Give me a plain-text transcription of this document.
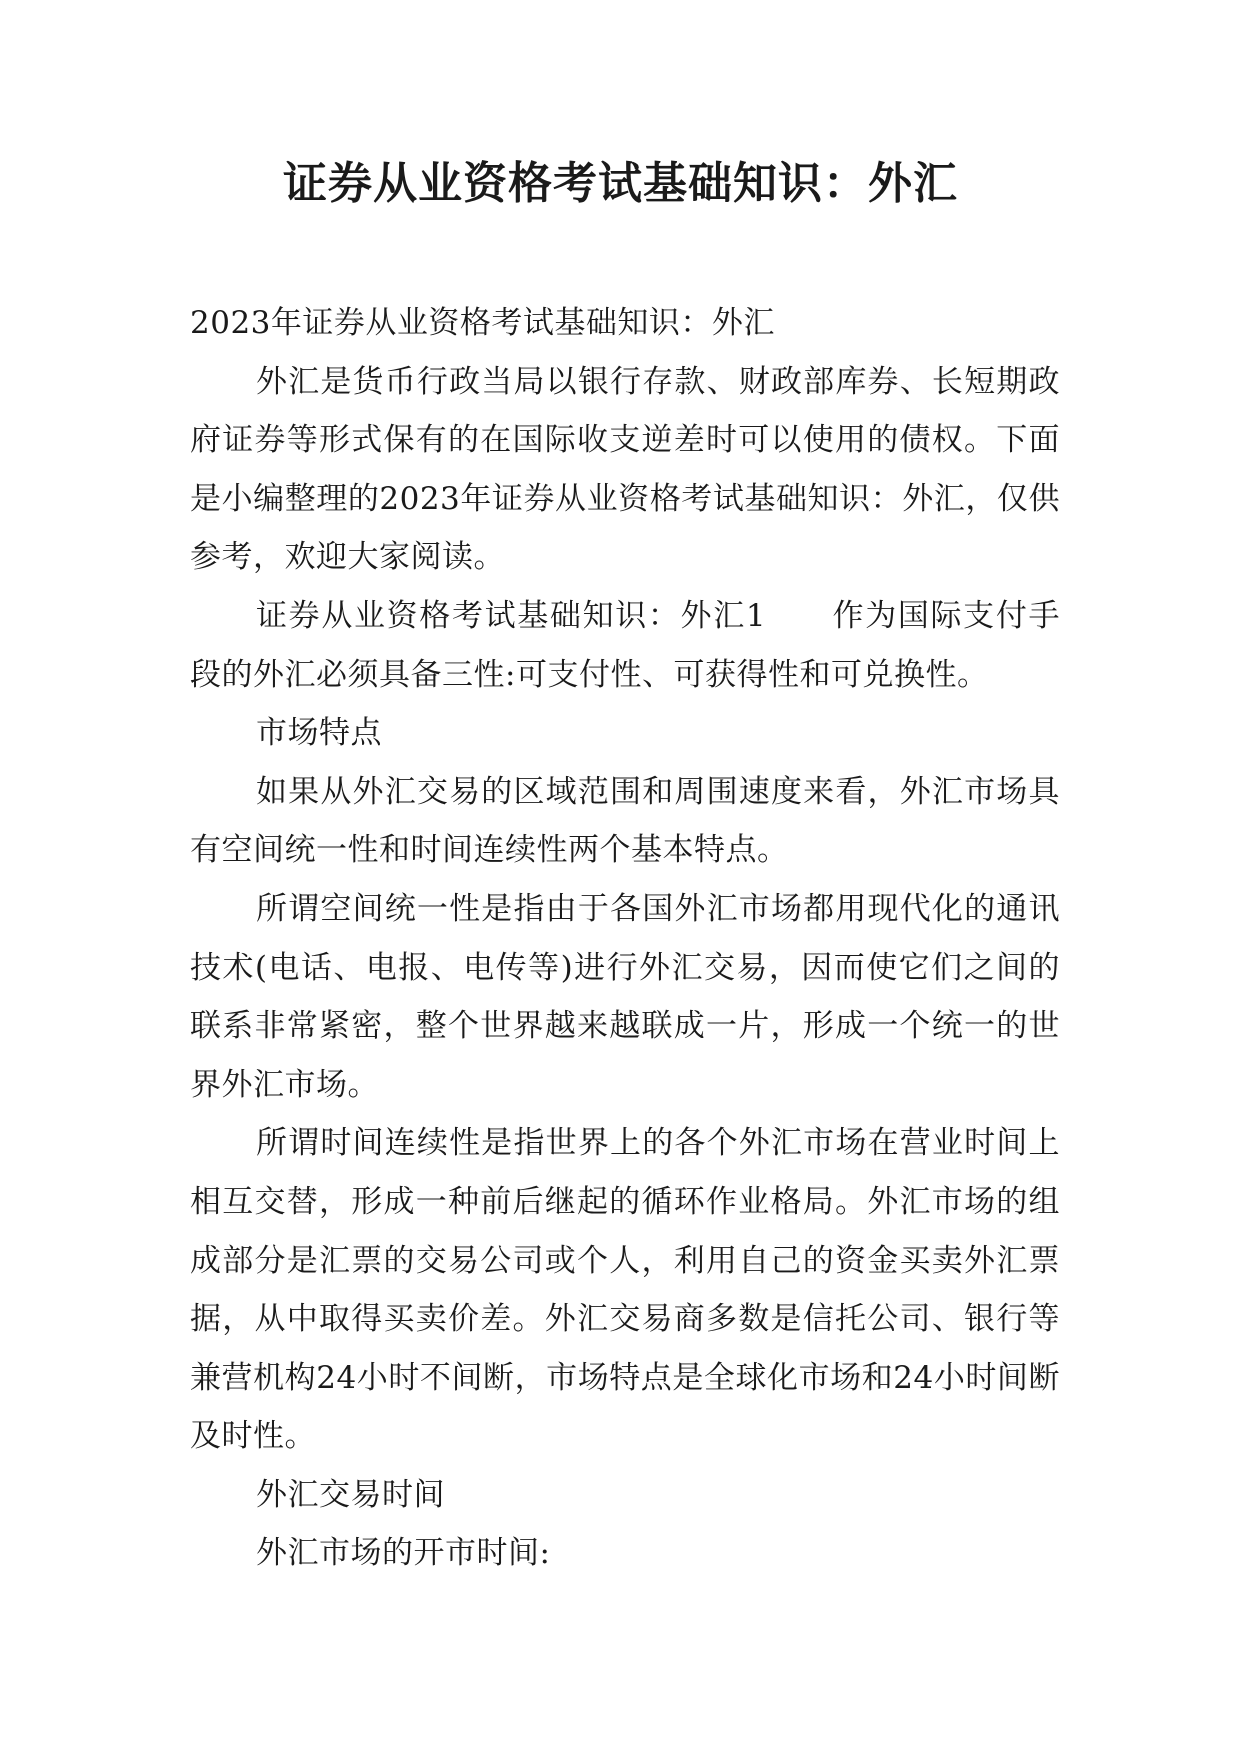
证券从业资格考试基础知识：外汇

2023年证券从业资格考试基础知识：外汇

外汇是货币行政当局以银行存款、财政部库券、长短期政府证券等形式保有的在国际收支逆差时可以使用的债权。下面是小编整理的2023年证券从业资格考试基础知识：外汇，仅供参考，欢迎大家阅读。

证券从业资格考试基础知识：外汇1　　作为国际支付手段的外汇必须具备三性:可支付性、可获得性和可兑换性。

市场特点

如果从外汇交易的区域范围和周围速度来看，外汇市场具有空间统一性和时间连续性两个基本特点。

所谓空间统一性是指由于各国外汇市场都用现代化的通讯技术(电话、电报、电传等)进行外汇交易，因而使它们之间的联系非常紧密，整个世界越来越联成一片，形成一个统一的世界外汇市场。

所谓时间连续性是指世界上的各个外汇市场在营业时间上相互交替，形成一种前后继起的循环作业格局。外汇市场的组成部分是汇票的交易公司或个人，利用自己的资金买卖外汇票据，从中取得买卖价差。外汇交易商多数是信托公司、银行等兼营机构24小时不间断，市场特点是全球化市场和24小时间断及时性。

外汇交易时间

外汇市场的开市时间:
